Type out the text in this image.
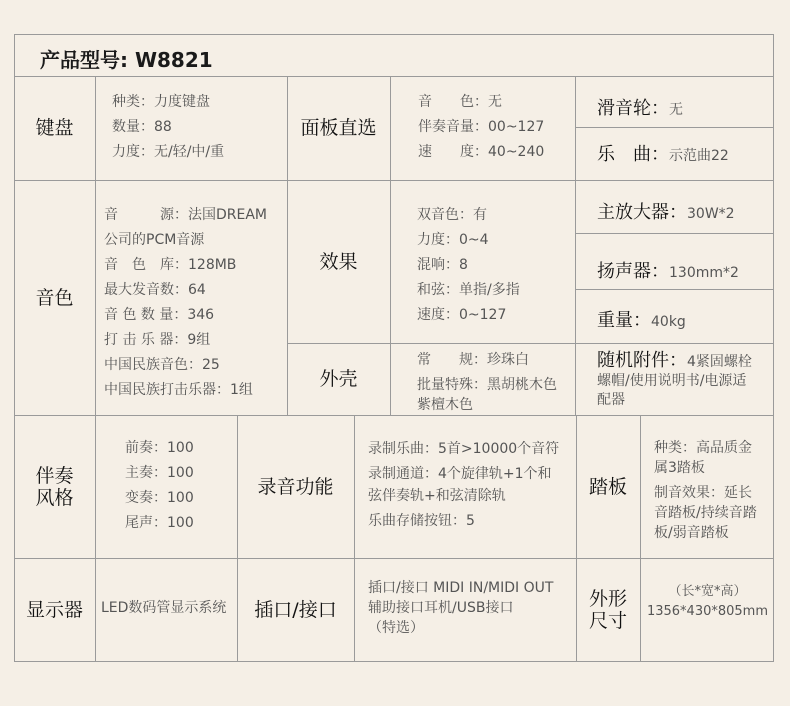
产品型号: W8821
键盘
种类：力度键盘
数量：88
力度：无/轻/中/重
面板直选
音　　色：无
伴奏音量：00~127
速　　度：40~240
滑音轮： 无
乐　曲： 示范曲22
音色
音　　　源：法国DREAM
公司的PCM音源
音　色　库：128MB
最大发音数：64
音 色 数 量：346
打 击 乐 器：9组
中国民族音色：25
中国民族打击乐器：1组
效果
双音色：有
力度：0~4
混响：8
和弦：单指/多指
速度：0~127
主放大器： 30W*2
扬声器： 130mm*2
重量： 40kg
外壳
常　　规：珍珠白
批量特殊：黑胡桃木色
紫檀木色
随机附件：4紧固螺栓
螺帽/使用说明书/电源适
配器
伴奏
风格
前奏：100
主奏：100
变奏：100
尾声：100
录音功能
录制乐曲：5首>10000个音符
录制通道：4个旋律轨+1个和
弦伴奏轨+和弦清除轨
乐曲存储按钮：5
踏板
种类：高品质金
属3踏板
制音效果：延长
音踏板/持续音踏
板/弱音踏板
显示器	LED数码管显示系统	插口/接口
插口/接口 MIDI IN/MIDI OUT
辅助接口耳机/USB接口
（特选）
外形
尺寸
（长*宽*高）
1356*430*805mm
